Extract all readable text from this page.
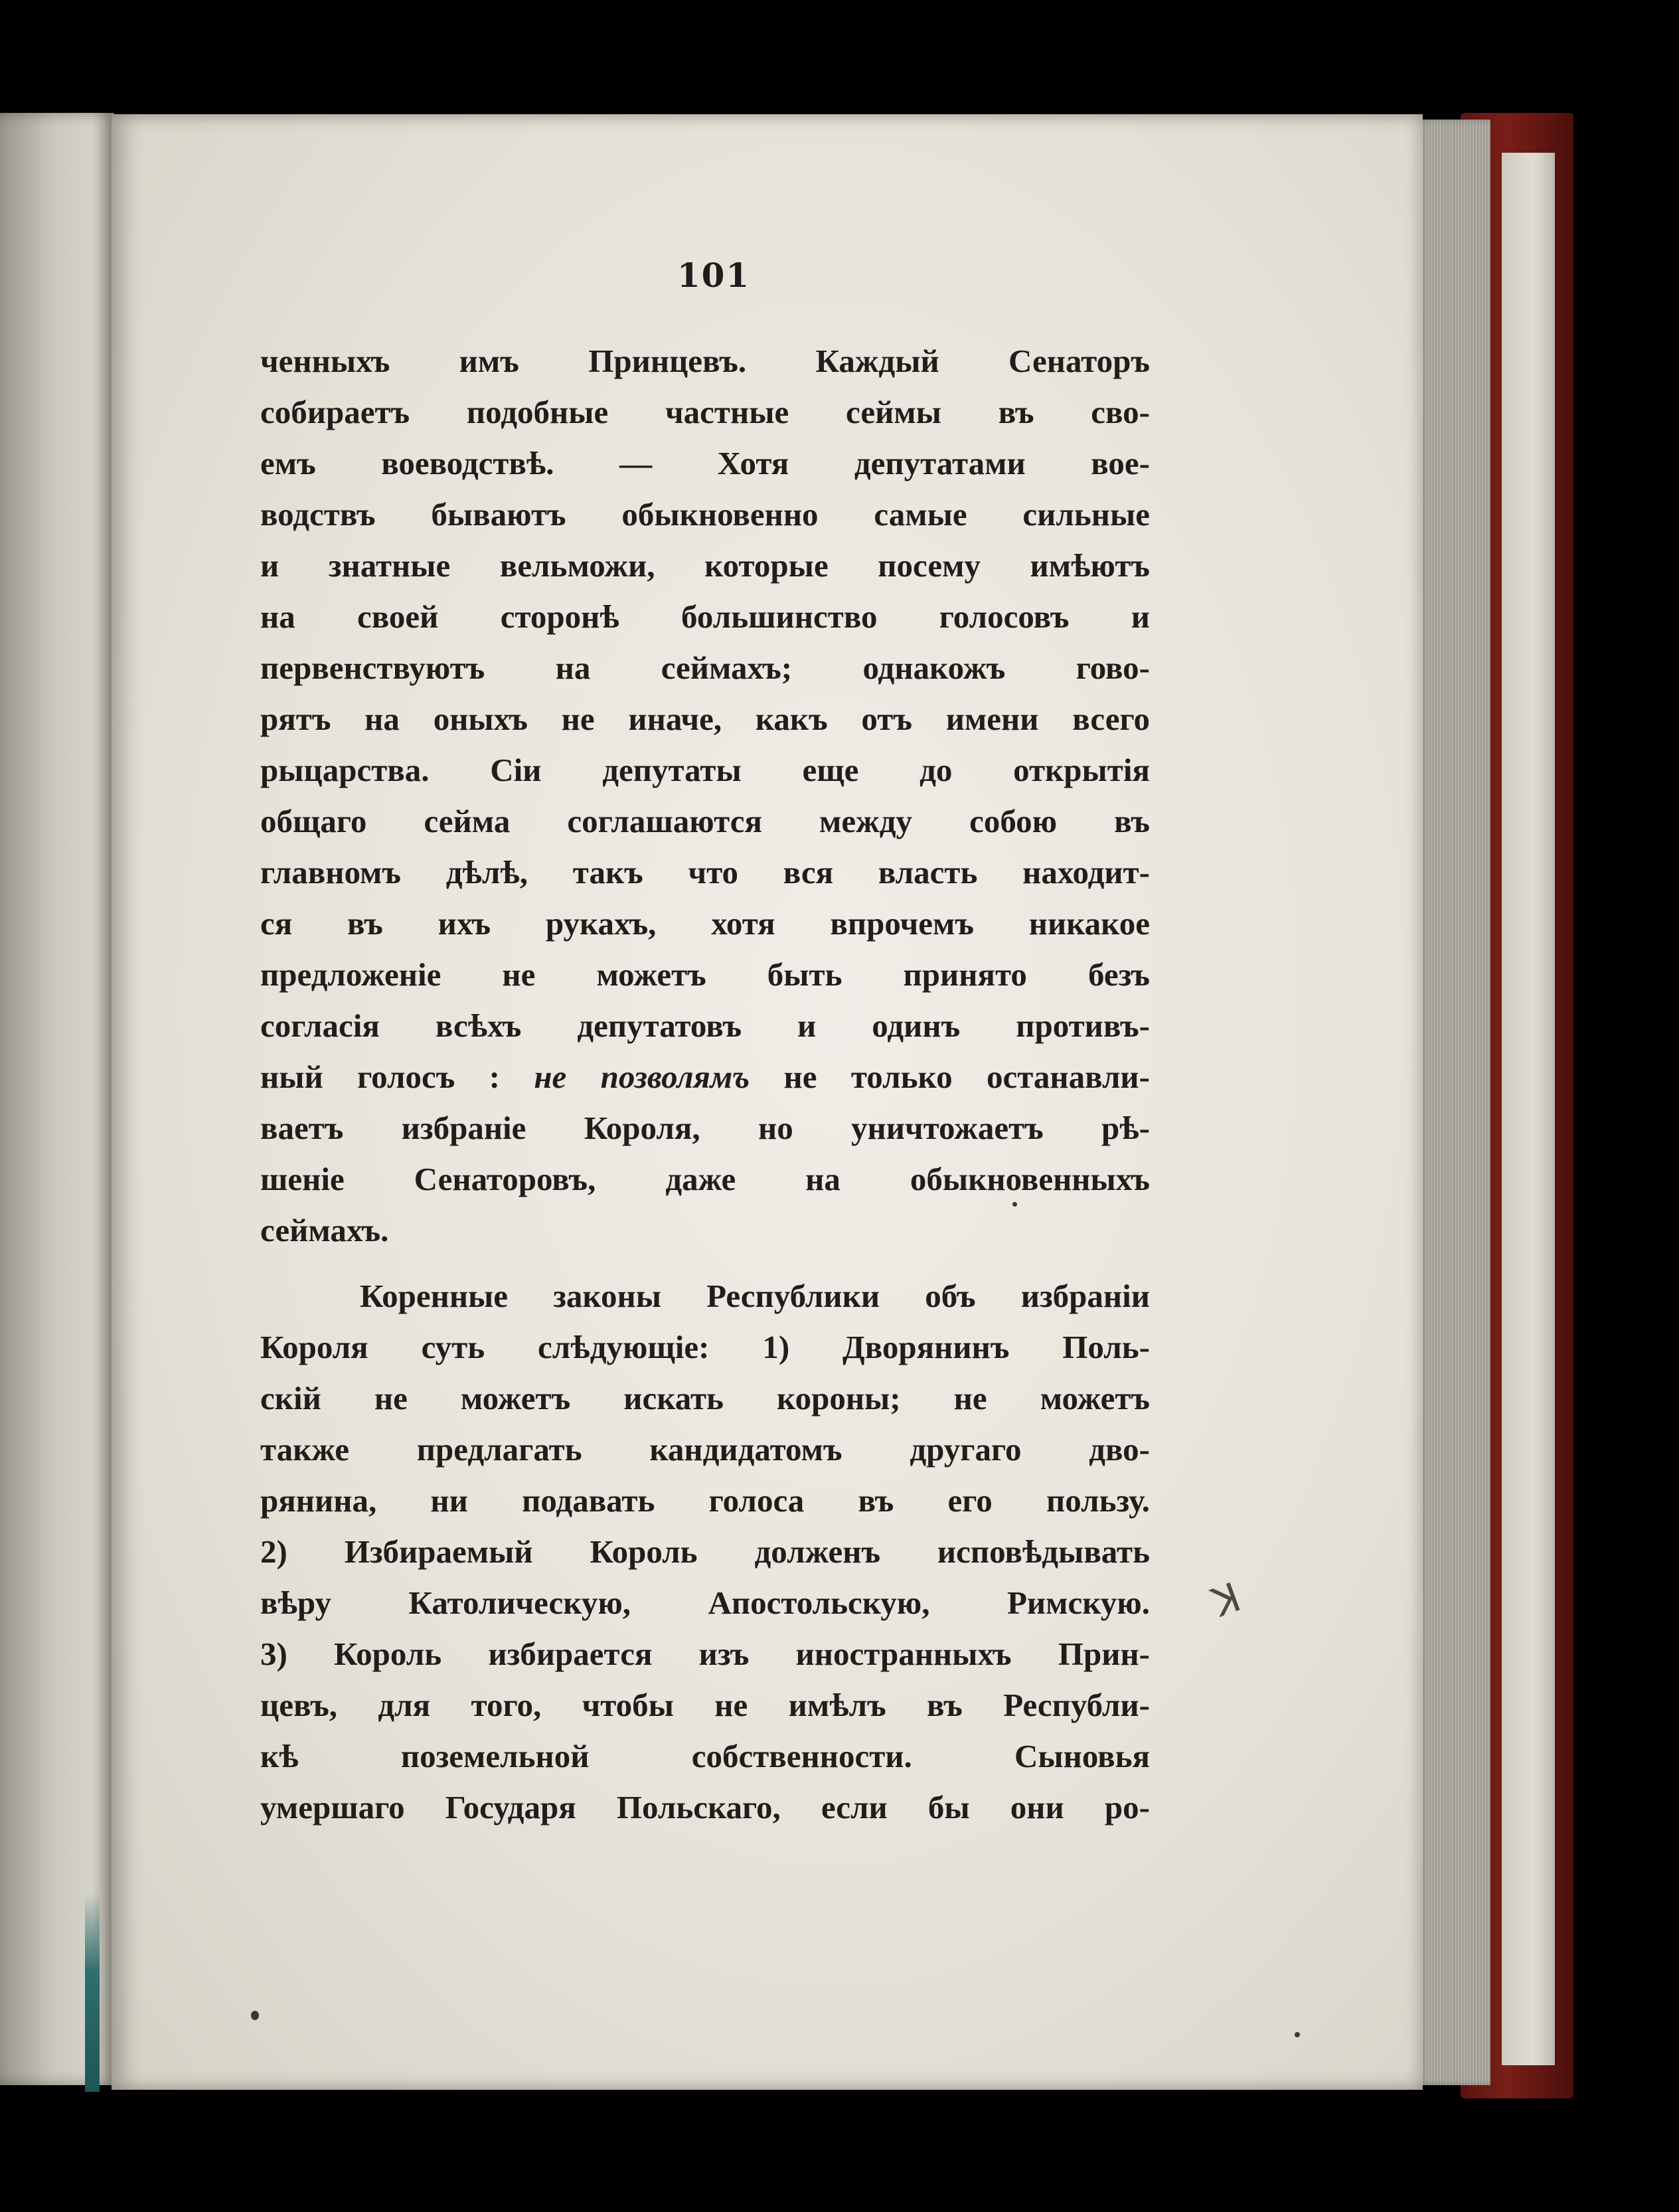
101
ченныхъ имъ Принцевъ. Каждый Сенаторъ
собираетъ подобные частные сеймы въ сво-
емъ воеводствѣ. — Хотя депутатами вое-
водствъ бываютъ обыкновенно самые сильные
и знатные вельможи, которые посему имѣютъ
на своей сторонѣ большинство голосовъ и
первенствуютъ на сеймахъ; однакожъ гово-
рятъ на оныхъ не иначе, какъ отъ имени всего
рыцарства. Сіи депутаты еще до открытія
общаго сейма соглашаются между собою въ
главномъ дѣлѣ, такъ что вся власть находит-
ся въ ихъ рукахъ, хотя впрочемъ никакое
предложеніе не можетъ быть принято безъ
согласія всѣхъ депутатовъ и одинъ противъ-
ный голосъ : не позволямъ не только останавли-
ваетъ избраніе Короля, но уничтожаетъ рѣ-
шеніе Сенаторовъ, даже на обыкновенныхъ
сеймахъ.
Коренные законы Республики объ избраніи
Короля суть слѣдующіе: 1) Дворянинъ Поль-
скій не можетъ искать короны; не можетъ
также предлагать кандидатомъ другаго дво-
рянина, ни подавать голоса въ его пользу.
2) Избираемый Король долженъ исповѣдывать
вѣру Католическую, Апостольскую, Римскую.
3) Король избирается изъ иностранныхъ Прин-
цевъ, для того, чтобы не имѣлъ въ Республи-
кѣ поземельной собственности. Сыновья
умершаго Государя Польскаго, если бы они ро-
ꓘ
